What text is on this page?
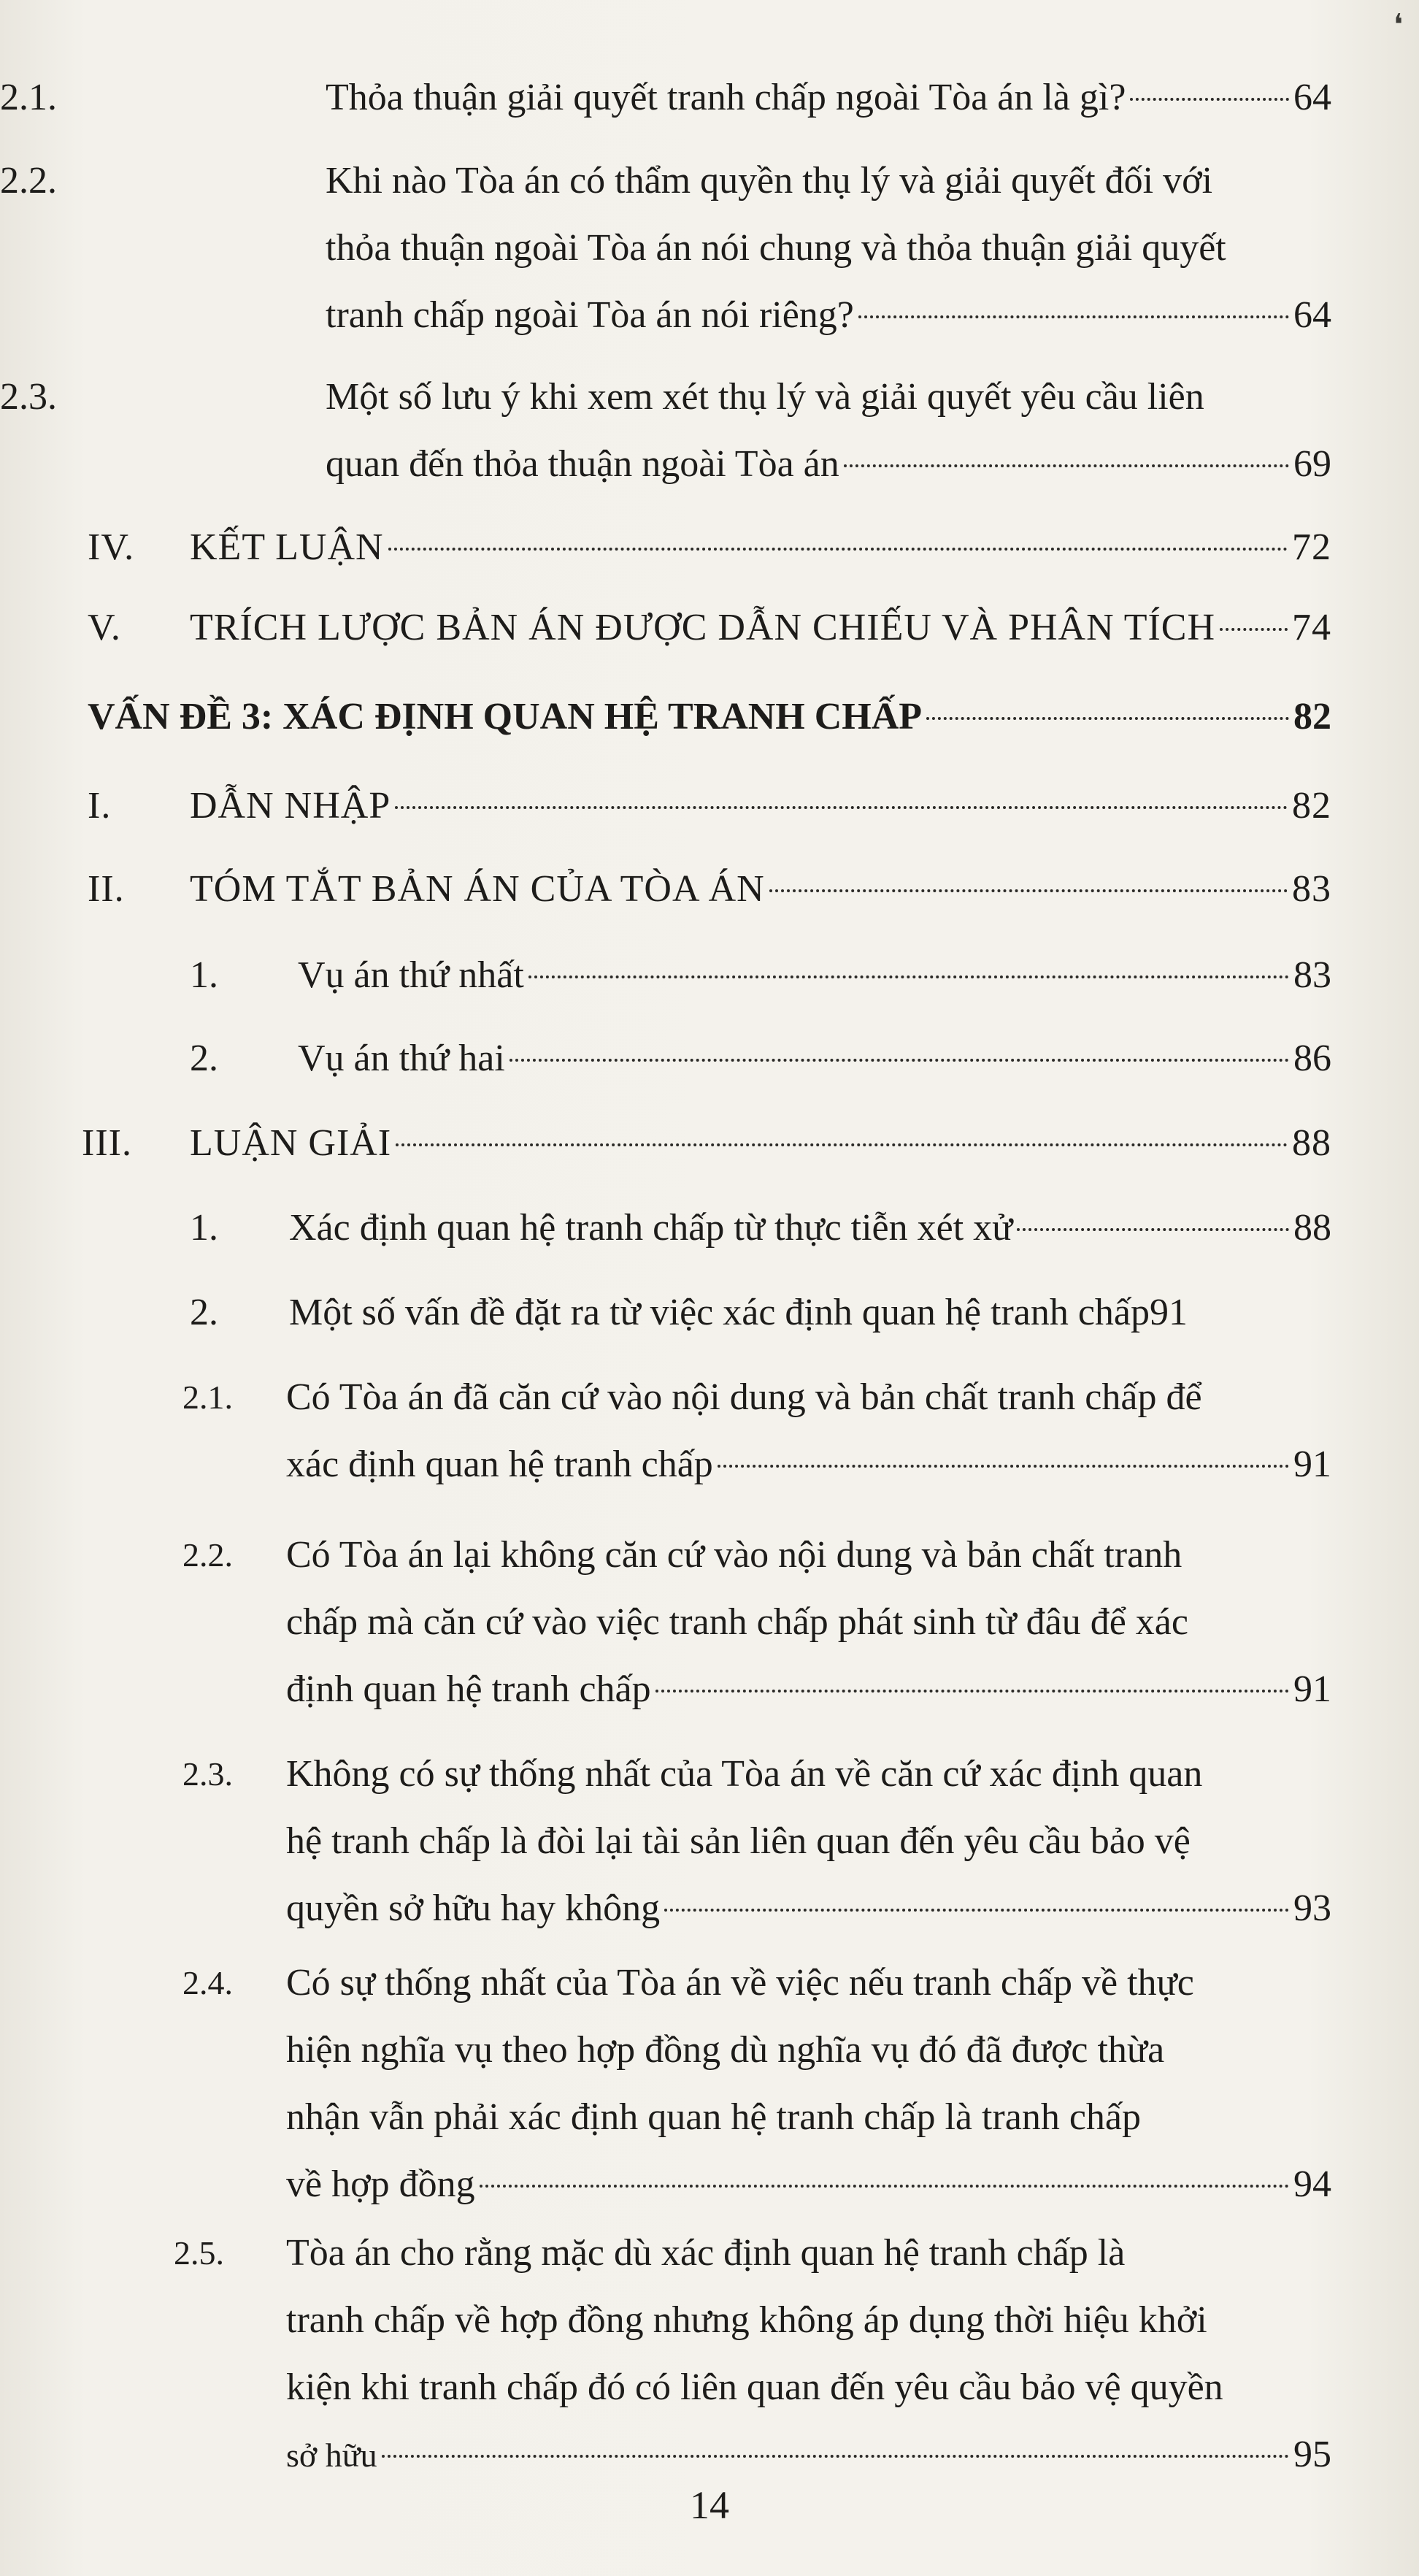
❛
2.1.	Thỏa thuận giải quyết tranh chấp ngoài Tòa án là gì?	64
2.2.	Khi nào Tòa án có thẩm quyền thụ lý và giải quyết đối với
thỏa thuận ngoài Tòa án nói chung và thỏa thuận giải quyết
tranh chấp ngoài Tòa án nói riêng?	64
2.3.	Một số lưu ý khi xem xét thụ lý và giải quyết yêu cầu liên
quan đến thỏa thuận ngoài Tòa án	69
IV. KẾT LUẬN	72
V. TRÍCH LƯỢC BẢN ÁN ĐƯỢC DẪN CHIẾU VÀ PHÂN TÍCH 74
VẤN ĐỀ 3: XÁC ĐỊNH QUAN HỆ TRANH CHẤP	82
I. DẪN NHẬP	82
II. TÓM TẮT BẢN ÁN CỦA TÒA ÁN	83
1. Vụ án thứ nhất	83
2. Vụ án thứ hai	86
III. LUẬN GIẢI	88
1. Xác định quan hệ tranh chấp từ thực tiễn xét xử	88
2. Một số vấn đề đặt ra từ việc xác định quan hệ tranh chấp 91
2.1. Có Tòa án đã căn cứ vào nội dung và bản chất tranh chấp để
xác định quan hệ tranh chấp	91
2.2. Có Tòa án lại không căn cứ vào nội dung và bản chất tranh
chấp mà căn cứ vào việc tranh chấp phát sinh từ đâu để xác
định quan hệ tranh chấp	91
2.3. Không có sự thống nhất của Tòa án về căn cứ xác định quan
hệ tranh chấp là đòi lại tài sản liên quan đến yêu cầu bảo vệ
quyền sở hữu hay không	93
2.4. Có sự thống nhất của Tòa án về việc nếu tranh chấp về thực
hiện nghĩa vụ theo hợp đồng dù nghĩa vụ đó đã được thừa
nhận vẫn phải xác định quan hệ tranh chấp là tranh chấp
về hợp đồng	94
2.5. Tòa án cho rằng mặc dù xác định quan hệ tranh chấp là
tranh chấp về hợp đồng nhưng không áp dụng thời hiệu khởi
kiện khi tranh chấp đó có liên quan đến yêu cầu bảo vệ quyền
sở hữu	95
14
